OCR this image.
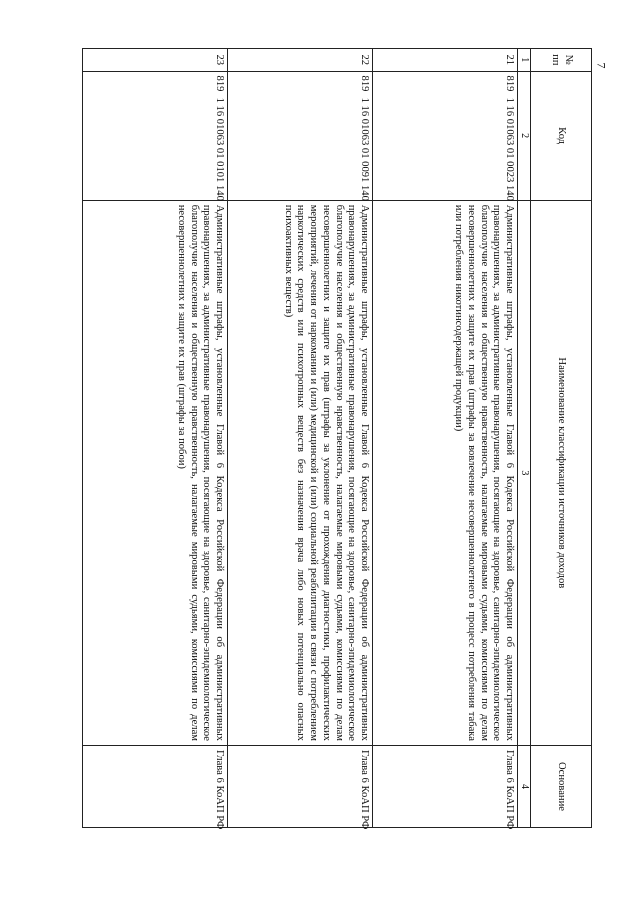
7
№ пп	Код		Наименование классификации источников доходов	Основание
1	2		3	4
21	819	1 16 01063 01 0023 140	Административные штрафы, установленные Главой 6 Кодекса Российской Федерации об административных правонарушениях, за административные правонарушения, посягающие на здоровье, санитарно-эпидемиологическое благополучие населения и общественную нравственность, налагаемые мировыми судьями, комиссиями по делам несовершеннолетних и защите их прав (штрафы за вовлечение несовершеннолетнего в процесс потребления табака или потребления никотинсодержащей продукции)	Глава 6 КоАП РФ
22	819	1 16 01063 01 0091 140	Административные штрафы, установленные Главой 6 Кодекса Российской Федерации об административных правонарушениях, за административные правонарушения, посягающие на здоровье, санитарно-эпидемиологическое благополучие населения и общественную нравственность, налагаемые мировыми судьями, комиссиями по делам несовершеннолетних и защите их прав (штрафы за уклонение от прохождения диагностики, профилактических мероприятий, лечения от наркомании и (или) медицинской и (или) социальной реабилитации в связи с потреблением наркотических средств или психотропных веществ без назначения врача либо новых потенциально опасных психоактивных веществ)	Глава 6 КоАП РФ
23	819	1 16 01063 01 0101 140	Административные штрафы, установленные Главой 6 Кодекса Российской Федерации об административных правонарушениях, за административные правонарушения, посягающие на здоровье, санитарно-эпидемиологическое благополучие населения и общественную нравственность, налагаемые мировыми судьями, комиссиями по делам несовершеннолетних и защите их прав (штрафы за побои)	Глава 6 КоАП РФ
